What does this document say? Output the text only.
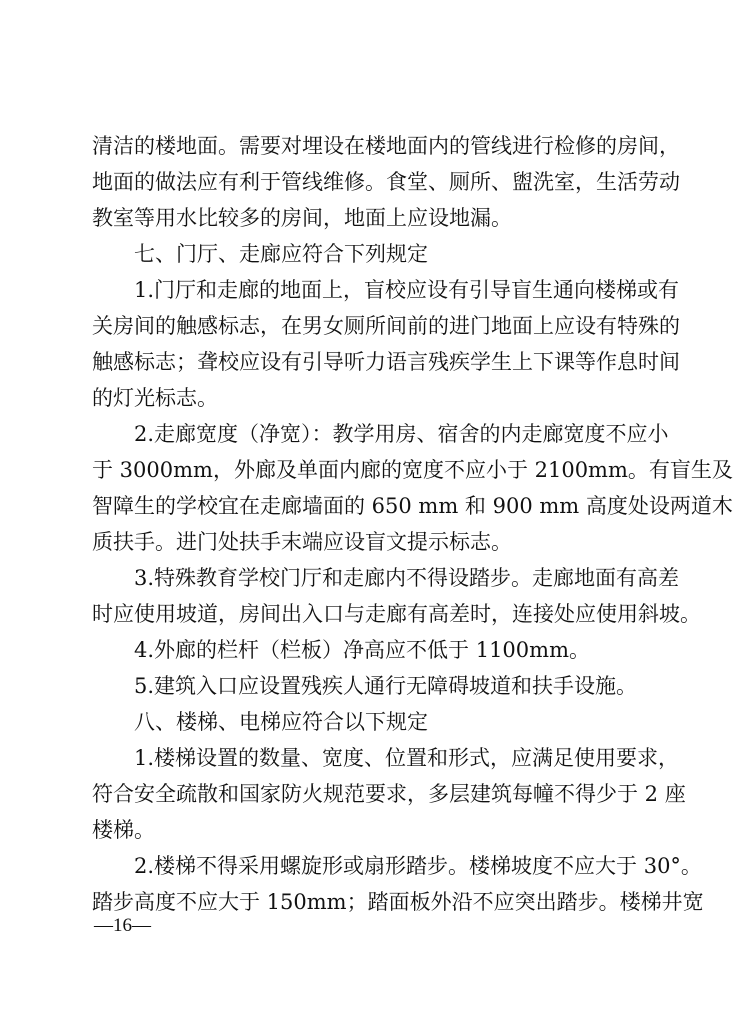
清洁的楼地面。需要对埋设在楼地面内的管线进行检修的房间，
地面的做法应有利于管线维修。食堂、厕所、盥洗室，生活劳动
教室等用水比较多的房间，地面上应设地漏。
七、门厅、走廊应符合下列规定
1.门厅和走廊的地面上，盲校应设有引导盲生通向楼梯或有
关房间的触感标志，在男女厕所间前的进门地面上应设有特殊的
触感标志；聋校应设有引导听力语言残疾学生上下课等作息时间
的灯光标志。
2.走廊宽度（净宽）：教学用房、宿舍的内走廊宽度不应小
于 3000mm，外廊及单面内廊的宽度不应小于 2100mm。有盲生及
智障生的学校宜在走廊墙面的 650 mm 和 900 mm 高度处设两道木
质扶手。进门处扶手末端应设盲文提示标志。
3.特殊教育学校门厅和走廊内不得设踏步。走廊地面有高差
时应使用坡道，房间出入口与走廊有高差时，连接处应使用斜坡。
4.外廊的栏杆（栏板）净高应不低于 1100mm。
5.建筑入口应设置残疾人通行无障碍坡道和扶手设施。
八、楼梯、电梯应符合以下规定
1.楼梯设置的数量、宽度、位置和形式，应满足使用要求，
符合安全疏散和国家防火规范要求，多层建筑每幢不得少于 2 座
楼梯。
2.楼梯不得采用螺旋形或扇形踏步。楼梯坡度不应大于 30°。
踏步高度不应大于 150mm；踏面板外沿不应突出踏步。楼梯井宽
—16—
